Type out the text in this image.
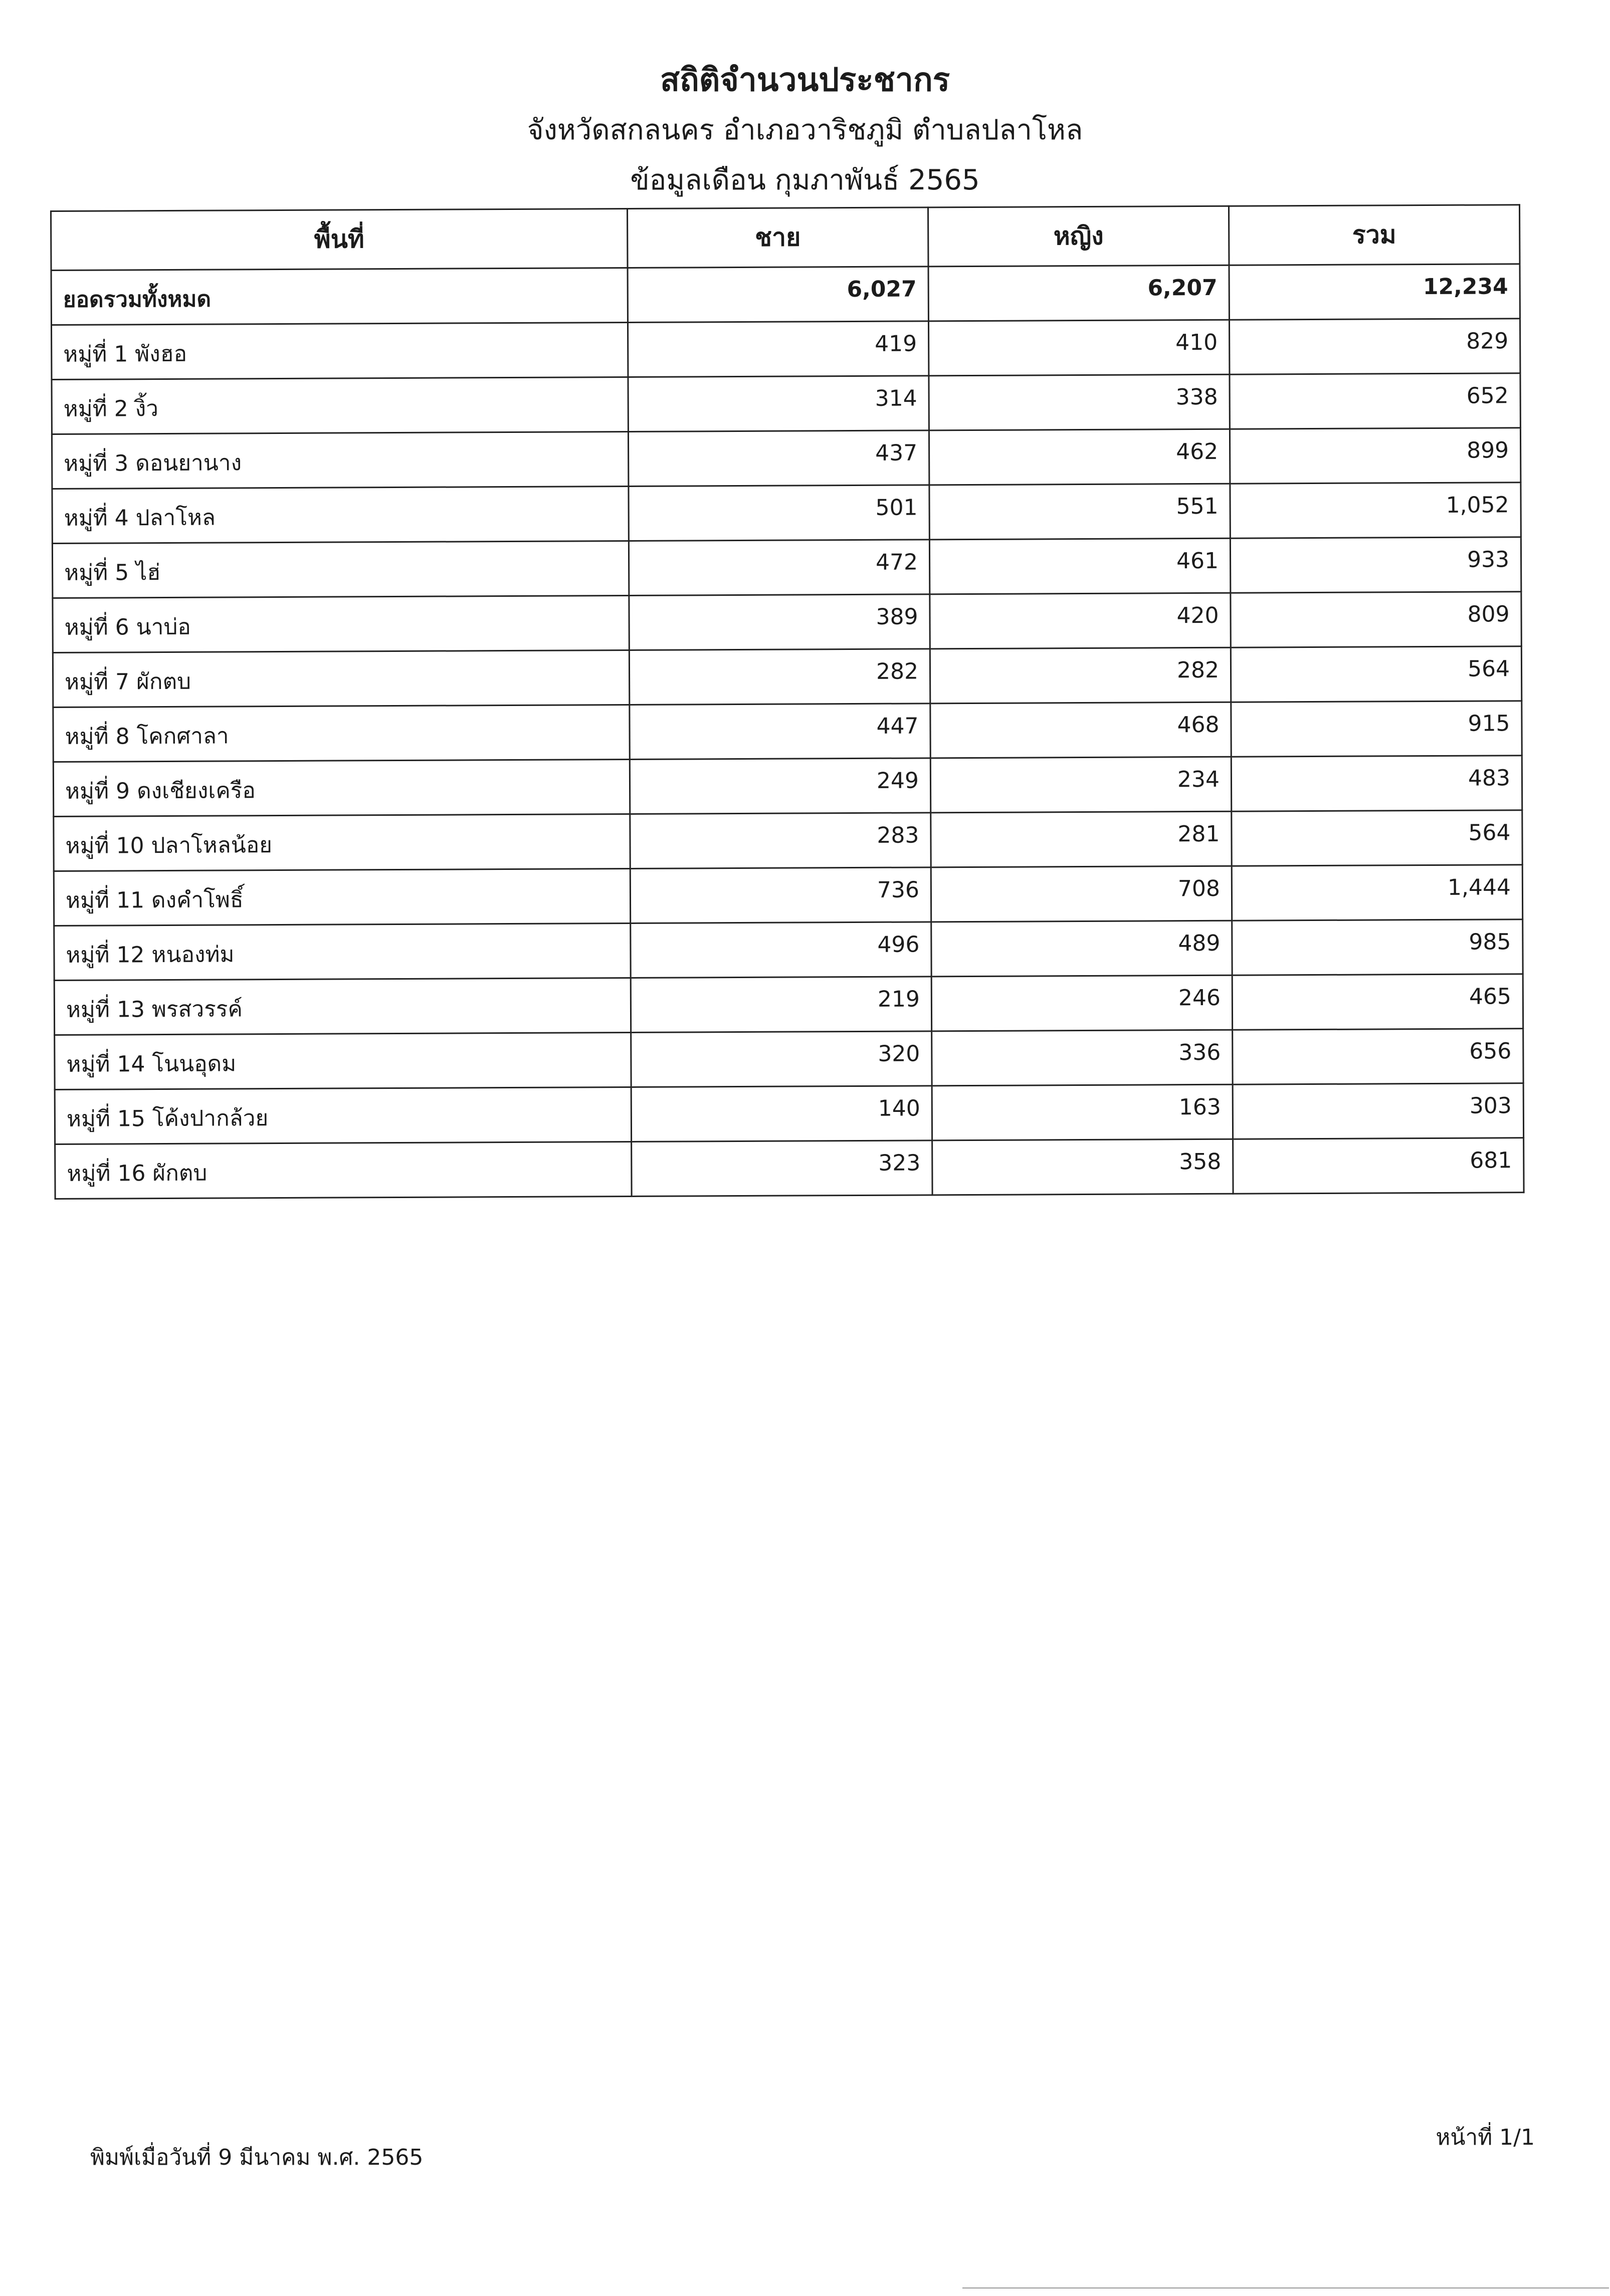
สถิติจำนวนประชากร

จังหวัดสกลนคร อำเภอวาริชภูมิ ตำบลปลาโหล

ข้อมูลเดือน กุมภาพันธ์ 2565

พื้นที่	ชาย	หญิง	รวม
ยอดรวมทั้งหมด	6,027	6,207	12,234
หมู่ที่ 1 พังฮอ	419	410	829
หมู่ที่ 2 งิ้ว	314	338	652
หมู่ที่ 3 ดอนยานาง	437	462	899
หมู่ที่ 4 ปลาโหล	501	551	1,052
หมู่ที่ 5 ไฮ่	472	461	933
หมู่ที่ 6 นาบ่อ	389	420	809
หมู่ที่ 7 ผักตบ	282	282	564
หมู่ที่ 8 โคกศาลา	447	468	915
หมู่ที่ 9 ดงเชียงเครือ	249	234	483
หมู่ที่ 10 ปลาโหลน้อย	283	281	564
หมู่ที่ 11 ดงคำโพธิ์	736	708	1,444
หมู่ที่ 12 หนองท่ม	496	489	985
หมู่ที่ 13 พรสวรรค์	219	246	465
หมู่ที่ 14 โนนอุดม	320	336	656
หมู่ที่ 15 โค้งปากล้วย	140	163	303
หมู่ที่ 16 ผักตบ	323	358	681
พิมพ์เมื่อวันที่ 9 มีนาคม พ.ศ. 2565
หน้าที่ 1/1
